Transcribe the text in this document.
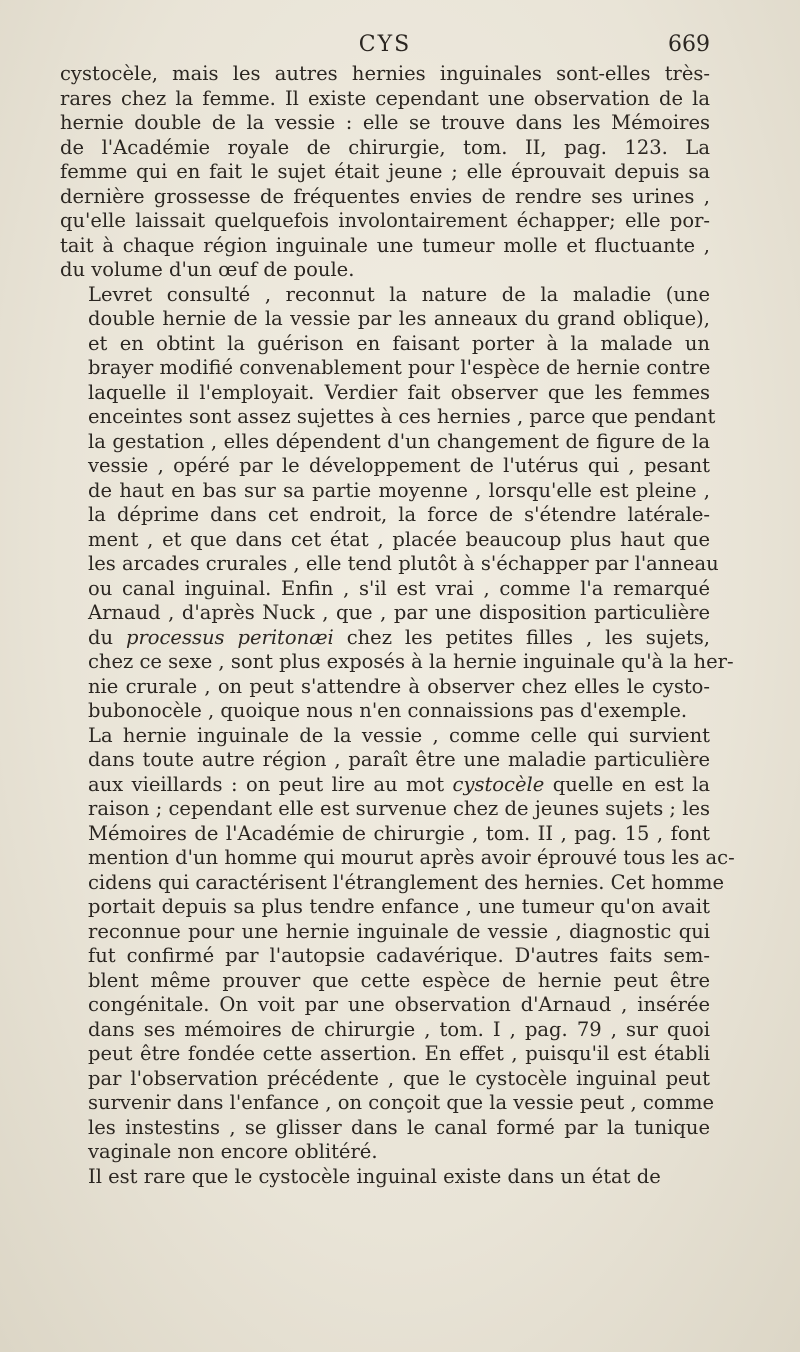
CYS	669
cystocèle, mais les autres hernies inguinales sont-elles très-
rares chez la femme. Il existe cependant une observation de la
hernie double de la vessie : elle se trouve dans les Mémoires
de l'Académie royale de chirurgie, tom. II, pag. 123. La
femme qui en fait le sujet était jeune ; elle éprouvait depuis sa
dernière grossesse de fréquentes envies de rendre ses urines ,
qu'elle laissait quelquefois involontairement échapper; elle por-
tait à chaque région inguinale une tumeur molle et fluctuante ,
du volume d'un œuf de poule.
Levret consulté , reconnut la nature de la maladie (une
double hernie de la vessie par les anneaux du grand oblique),
et en obtint la guérison en faisant porter à la malade un
brayer modifié convenablement pour l'espèce de hernie contre
laquelle il l'employait. Verdier fait observer que les femmes
enceintes sont assez sujettes à ces hernies , parce que pendant
la gestation , elles dépendent d'un changement de figure de la
vessie , opéré par le développement de l'utérus qui , pesant
de haut en bas sur sa partie moyenne , lorsqu'elle est pleine ,
la déprime dans cet endroit, la force de s'étendre latérale-
ment , et que dans cet état , placée beaucoup plus haut que
les arcades crurales , elle tend plutôt à s'échapper par l'anneau
ou canal inguinal. Enfin , s'il est vrai , comme l'a remarqué
Arnaud , d'après Nuck , que , par une disposition particulière
du processus peritonæi chez les petites filles , les sujets,
chez ce sexe , sont plus exposés à la hernie inguinale qu'à la her-
nie crurale , on peut s'attendre à observer chez elles le cysto-
bubonocèle , quoique nous n'en connaissions pas d'exemple.
La hernie inguinale de la vessie , comme celle qui survient
dans toute autre région , paraît être une maladie particulière
aux vieillards : on peut lire au mot cystocèle quelle en est la
raison ; cependant elle est survenue chez de jeunes sujets ; les
Mémoires de l'Académie de chirurgie , tom. II , pag. 15 , font
mention d'un homme qui mourut après avoir éprouvé tous les ac-
cidens qui caractérisent l'étranglement des hernies. Cet homme
portait depuis sa plus tendre enfance , une tumeur qu'on avait
reconnue pour une hernie inguinale de vessie , diagnostic qui
fut confirmé par l'autopsie cadavérique. D'autres faits sem-
blent même prouver que cette espèce de hernie peut être
congénitale. On voit par une observation d'Arnaud , insérée
dans ses mémoires de chirurgie , tom. I , pag. 79 , sur quoi
peut être fondée cette assertion. En effet , puisqu'il est établi
par l'observation précédente , que le cystocèle inguinal peut
survenir dans l'enfance , on conçoit que la vessie peut , comme
les instestins , se glisser dans le canal formé par la tunique
vaginale non encore oblitéré.
Il est rare que le cystocèle inguinal existe dans un état de
